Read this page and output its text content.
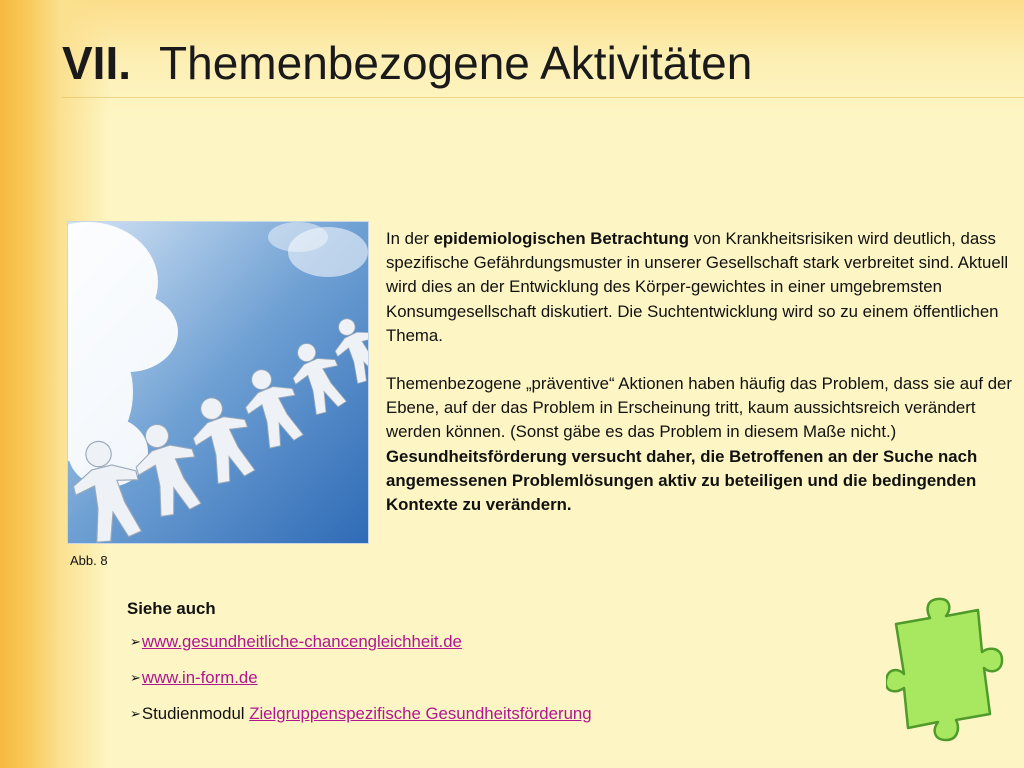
VII. Themenbezogene Aktivitäten
Abb. 8

In der epidemiologischen Betrachtung von Krankheitsrisiken wird deutlich, dass spezifische Gefährdungsmuster in unserer Gesellschaft stark verbreitet sind. Aktuell wird dies an der Entwicklung des Körper-gewichtes in einer umgebremsten Konsumgesellschaft diskutiert. Die Suchtentwicklung wird so zu einem öffentlichen Thema.

Themenbezogene „präventive“ Aktionen haben häufig das Problem, dass sie auf der Ebene, auf der das Problem in Erscheinung tritt, kaum aussichtsreich verändert werden können. (Sonst gäbe es das Problem in diesem Maße nicht.) Gesundheitsförderung versucht daher, die Betroffenen an der Suche nach angemessenen Problemlösungen aktiv zu beteiligen und die bedingenden Kontexte zu verändern.

Siehe auch
➢ www.gesundheitliche-chancengleichheit.de
➢ www.in-form.de
➢ Studienmodul Zielgruppenspezifische Gesundheitsförderung
